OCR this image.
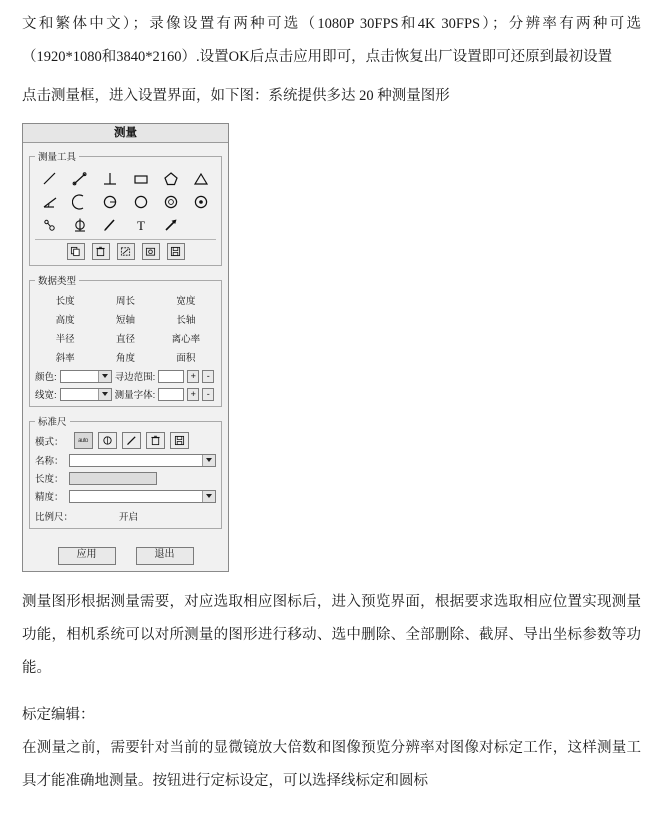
文和繁体中文）；录像设置有两种可选（1080P 30FPS和4K 30FPS）；分辨率有两种可选（1920*1080和3840*2160）.设置OK后点击应用即可，点击恢复出厂设置即可还原到最初设置

点击测量框，进入设置界面，如下图：系统提供多达 20 种测量图形

测量
测量工具
T
数据类型
长度	周长	宽度
高度	短轴	长轴
半径	直径	离心率
斜率	角度	面积
颜色:	寻边范围:	+	-
线宽:	测量字体:	+	-
标准尺
模式： auto
名称：
长度：
精度：
比例尺：	开启
应用	退出

测量图形根据测量需要，对应选取相应图标后，进入预览界面，根据要求选取相应位置实现测量功能，相机系统可以对所测量的图形进行移动、选中删除、全部删除、截屏、导出坐标参数等功能。

标定编辑：

在测量之前，需要针对当前的显微镜放大倍数和图像预览分辨率对图像对标定工作，这样测量工具才能准确地测量。按钮进行定标设定，可以选择线标定和圆标
